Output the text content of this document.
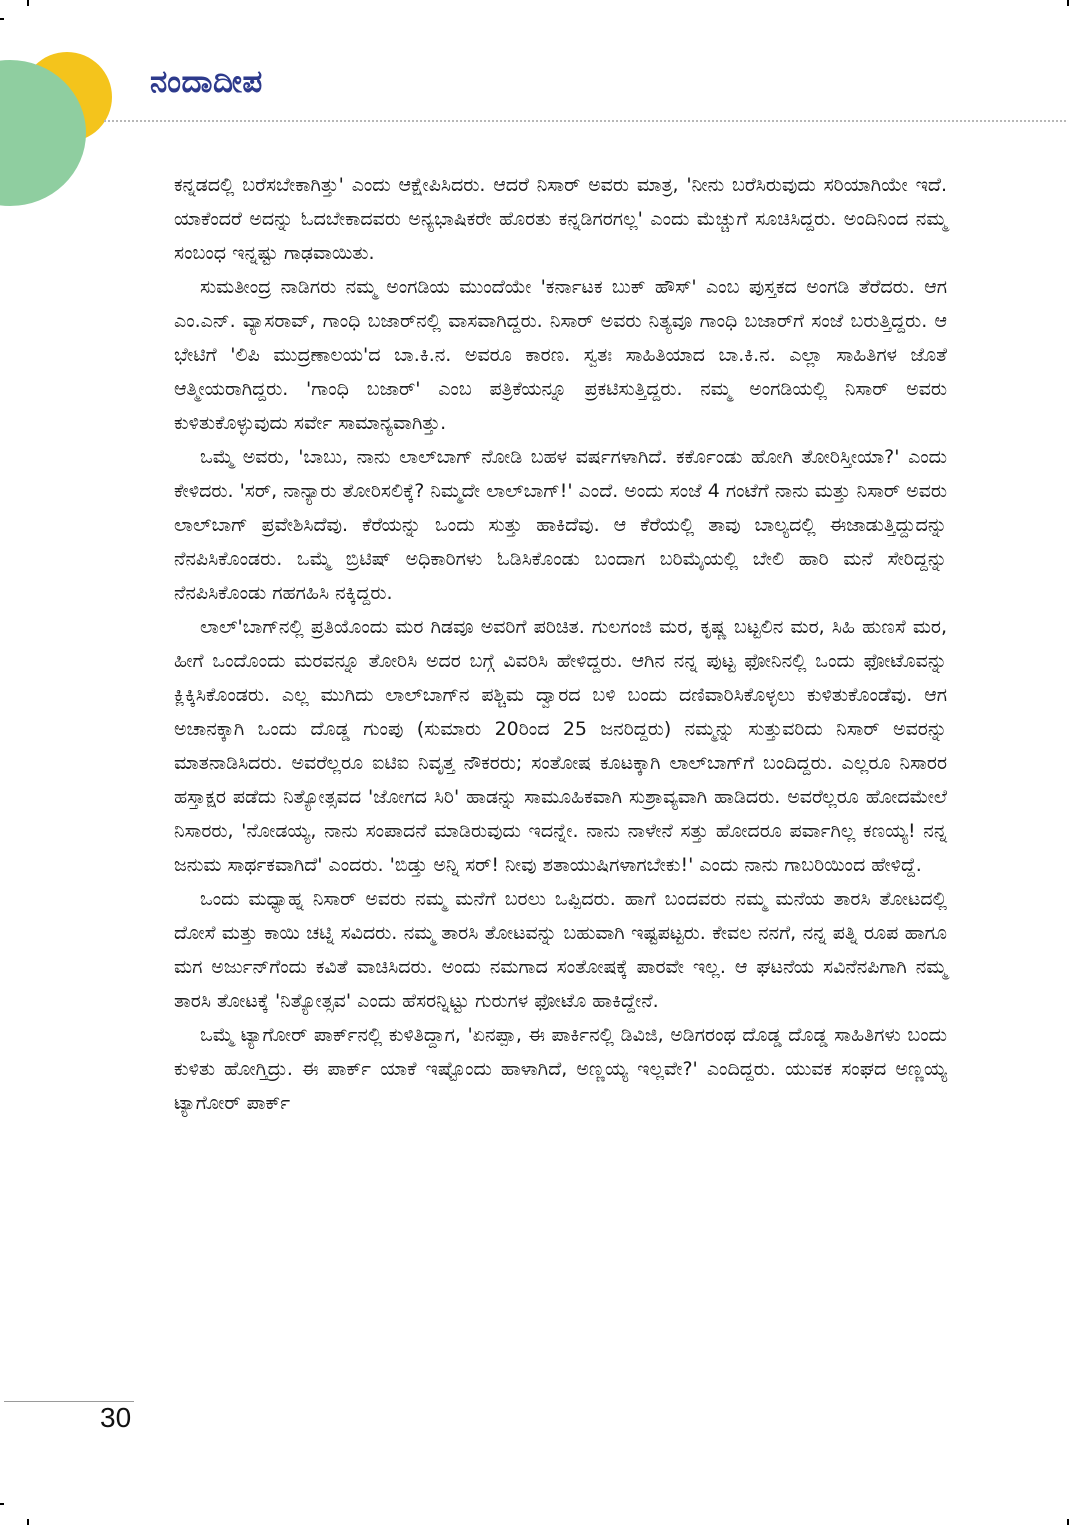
ನಂದಾದೀಪ

ಕನ್ನಡದಲ್ಲಿ ಬರೆಸಬೇಕಾಗಿತ್ತು' ಎಂದು ಆಕ್ಷೇಪಿಸಿದರು. ಆದರೆ ನಿಸಾರ್ ಅವರು ಮಾತ್ರ, 'ನೀನು ಬರೆಸಿರುವುದು ಸರಿಯಾಗಿಯೇ ಇದೆ. ಯಾಕೆಂದರೆ ಅದನ್ನು ಓದಬೇಕಾದವರು ಅನ್ಯಭಾಷಿಕರೇ ಹೊರತು ಕನ್ನಡಿಗರಗಲ್ಲ' ಎಂದು ಮೆಚ್ಚುಗೆ ಸೂಚಿಸಿದ್ದರು. ಅಂದಿನಿಂದ ನಮ್ಮ ಸಂಬಂಧ ಇನ್ನಷ್ಟು ಗಾಢವಾಯಿತು.

ಸುಮತೀಂದ್ರ ನಾಡಿಗರು ನಮ್ಮ ಅಂಗಡಿಯ ಮುಂದೆಯೇ 'ಕರ್ನಾಟಕ ಬುಕ್ ಹೌಸ್' ಎಂಬ ಪುಸ್ತಕದ ಅಂಗಡಿ ತೆರೆದರು. ಆಗ ಎಂ.ಎನ್. ವ್ಯಾಸರಾವ್, ಗಾಂಧಿ ಬಜಾರ್‌ನಲ್ಲಿ ವಾಸವಾಗಿದ್ದರು. ನಿಸಾರ್ ಅವರು ನಿತ್ಯವೂ ಗಾಂಧಿ ಬಜಾರ್‌ಗೆ ಸಂಜೆ ಬರುತ್ತಿದ್ದರು. ಆ ಭೇಟಿಗೆ 'ಲಿಪಿ ಮುದ್ರಣಾಲಯ'ದ ಬಾ.ಕಿ.ನ. ಅವರೂ ಕಾರಣ. ಸ್ವತಃ ಸಾಹಿತಿಯಾದ ಬಾ.ಕಿ.ನ. ಎಲ್ಲಾ ಸಾಹಿತಿಗಳ ಜೊತೆ ಆತ್ಮೀಯರಾಗಿದ್ದರು. 'ಗಾಂಧಿ ಬಜಾರ್' ಎಂಬ ಪತ್ರಿಕೆಯನ್ನೂ ಪ್ರಕಟಿಸುತ್ತಿದ್ದರು. ನಮ್ಮ ಅಂಗಡಿಯಲ್ಲಿ ನಿಸಾರ್ ಅವರು ಕುಳಿತುಕೊಳ್ಳುವುದು ಸರ್ವೇ ಸಾಮಾನ್ಯವಾಗಿತ್ತು.

ಒಮ್ಮೆ ಅವರು, 'ಬಾಬು, ನಾನು ಲಾಲ್‌ಬಾಗ್ ನೋಡಿ ಬಹಳ ವರ್ಷಗಳಾಗಿದೆ. ಕರ್ಕೊಂಡು ಹೋಗಿ ತೋರಿಸ್ತೀಯಾ?' ಎಂದು ಕೇಳಿದರು. 'ಸರ್, ನಾನ್ಯಾರು ತೋರಿಸಲಿಕ್ಕೆ? ನಿಮ್ಮದೇ ಲಾಲ್‌ಬಾಗ್!' ಎಂದೆ. ಅಂದು ಸಂಜೆ 4 ಗಂಟೆಗೆ ನಾನು ಮತ್ತು ನಿಸಾರ್ ಅವರು ಲಾಲ್‌ಬಾಗ್ ಪ್ರವೇಶಿಸಿದೆವು. ಕೆರೆಯನ್ನು ಒಂದು ಸುತ್ತು ಹಾಕಿದೆವು. ಆ ಕೆರೆಯಲ್ಲಿ ತಾವು ಬಾಲ್ಯದಲ್ಲಿ ಈಜಾಡುತ್ತಿದ್ದುದನ್ನು ನೆನಪಿಸಿಕೊಂಡರು. ಒಮ್ಮೆ ಬ್ರಿಟಿಷ್ ಅಧಿಕಾರಿಗಳು ಓಡಿಸಿಕೊಂಡು ಬಂದಾಗ ಬರಿಮೈಯಲ್ಲಿ ಬೇಲಿ ಹಾರಿ ಮನೆ ಸೇರಿದ್ದನ್ನು ನೆನಪಿಸಿಕೊಂಡು ಗಹಗಹಿಸಿ ನಕ್ಕಿದ್ದರು.

ಲಾಲ್'ಬಾಗ್‌ನಲ್ಲಿ ಪ್ರತಿಯೊಂದು ಮರ ಗಿಡವೂ ಅವರಿಗೆ ಪರಿಚಿತ. ಗುಲಗಂಜಿ ಮರ, ಕೃಷ್ಣ ಬಟ್ಟಲಿನ ಮರ, ಸಿಹಿ ಹುಣಸೆ ಮರ, ಹೀಗೆ ಒಂದೊಂದು ಮರವನ್ನೂ ತೋರಿಸಿ ಅದರ ಬಗ್ಗೆ ವಿವರಿಸಿ ಹೇಳಿದ್ದರು. ಆಗಿನ ನನ್ನ ಪುಟ್ಟ ಫೋನಿನಲ್ಲಿ ಒಂದು ಫೋಟೊವನ್ನು ಕ್ಲಿಕ್ಕಿಸಿಕೊಂಡರು. ಎಲ್ಲ ಮುಗಿದು ಲಾಲ್‌ಬಾಗ್‌ನ ಪಶ್ಚಿಮ ದ್ವಾರದ ಬಳಿ ಬಂದು ದಣಿವಾರಿಸಿಕೊಳ್ಳಲು ಕುಳಿತುಕೊಂಡೆವು. ಆಗ ಅಚಾನಕ್ಕಾಗಿ ಒಂದು ದೊಡ್ಡ ಗುಂಪು (ಸುಮಾರು 20ರಿಂದ 25 ಜನರಿದ್ದರು) ನಮ್ಮನ್ನು ಸುತ್ತುವರಿದು ನಿಸಾರ್ ಅವರನ್ನು ಮಾತನಾಡಿಸಿದರು. ಅವರೆಲ್ಲರೂ ಐಟಿಐ ನಿವೃತ್ತ ನೌಕರರು; ಸಂತೋಷ ಕೂಟಕ್ಕಾಗಿ ಲಾಲ್‌ಬಾಗ್‌ಗೆ ಬಂದಿದ್ದರು. ಎಲ್ಲರೂ ನಿಸಾರರ ಹಸ್ತಾಕ್ಷರ ಪಡೆದು ನಿತ್ಯೋತ್ಸವದ 'ಜೋಗದ ಸಿರಿ' ಹಾಡನ್ನು ಸಾಮೂಹಿಕವಾಗಿ ಸುಶ್ರಾವ್ಯವಾಗಿ ಹಾಡಿದರು. ಅವರೆಲ್ಲರೂ ಹೋದಮೇಲೆ ನಿಸಾರರು, 'ನೋಡಯ್ಯ, ನಾನು ಸಂಪಾದನೆ ಮಾಡಿರುವುದು ಇದನ್ನೇ. ನಾನು ನಾಳೇನೆ ಸತ್ತು ಹೋದರೂ ಪರ್ವಾಗಿಲ್ಲ ಕಣಯ್ಯ! ನನ್ನ ಜನುಮ ಸಾರ್ಥಕವಾಗಿದೆ' ಎಂದರು. 'ಬಿಡ್ತು ಅನ್ನಿ ಸರ್! ನೀವು ಶತಾಯುಷಿಗಳಾಗಬೇಕು!' ಎಂದು ನಾನು ಗಾಬರಿಯಿಂದ ಹೇಳಿದ್ದೆ.

ಒಂದು ಮಧ್ಯಾಹ್ನ ನಿಸಾರ್ ಅವರು ನಮ್ಮ ಮನೆಗೆ ಬರಲು ಒಪ್ಪಿದರು. ಹಾಗೆ ಬಂದವರು ನಮ್ಮ ಮನೆಯ ತಾರಸಿ ತೋಟದಲ್ಲಿ ದೋಸೆ ಮತ್ತು ಕಾಯಿ ಚಟ್ನಿ ಸವಿದರು. ನಮ್ಮ ತಾರಸಿ ತೋಟವನ್ನು ಬಹುವಾಗಿ ಇಷ್ಟಪಟ್ಟರು. ಕೇವಲ ನನಗೆ, ನನ್ನ ಪತ್ನಿ ರೂಪ ಹಾಗೂ ಮಗ ಅರ್ಜುನ್‌ಗೆಂದು ಕವಿತೆ ವಾಚಿಸಿದರು. ಅಂದು ನಮಗಾದ ಸಂತೋಷಕ್ಕೆ ಪಾರವೇ ಇಲ್ಲ. ಆ ಘಟನೆಯ ಸವಿನೆನಪಿಗಾಗಿ ನಮ್ಮ ತಾರಸಿ ತೋಟಕ್ಕೆ 'ನಿತ್ಯೋತ್ಸವ' ಎಂದು ಹೆಸರನ್ನಿಟ್ಟು ಗುರುಗಳ ಫೋಟೊ ಹಾಕಿದ್ದೇನೆ.

ಒಮ್ಮೆ ಟ್ಯಾಗೋರ್ ಪಾರ್ಕ್‌ನಲ್ಲಿ ಕುಳಿತಿದ್ದಾಗ, 'ಏನಪ್ಪಾ, ಈ ಪಾರ್ಕಿನಲ್ಲಿ ಡಿವಿಜಿ, ಅಡಿಗರಂಥ ದೊಡ್ಡ ದೊಡ್ಡ ಸಾಹಿತಿಗಳು ಬಂದು ಕುಳಿತು ಹೋಗ್ತಿದ್ರು. ಈ ಪಾರ್ಕ್ ಯಾಕೆ ಇಷ್ಟೊಂದು ಹಾಳಾಗಿದೆ, ಅಣ್ಣಯ್ಯ ಇಲ್ಲವೇ?' ಎಂದಿದ್ದರು. ಯುವಕ ಸಂಘದ ಅಣ್ಣಯ್ಯ ಟ್ಯಾಗೋರ್ ಪಾರ್ಕ್

30
